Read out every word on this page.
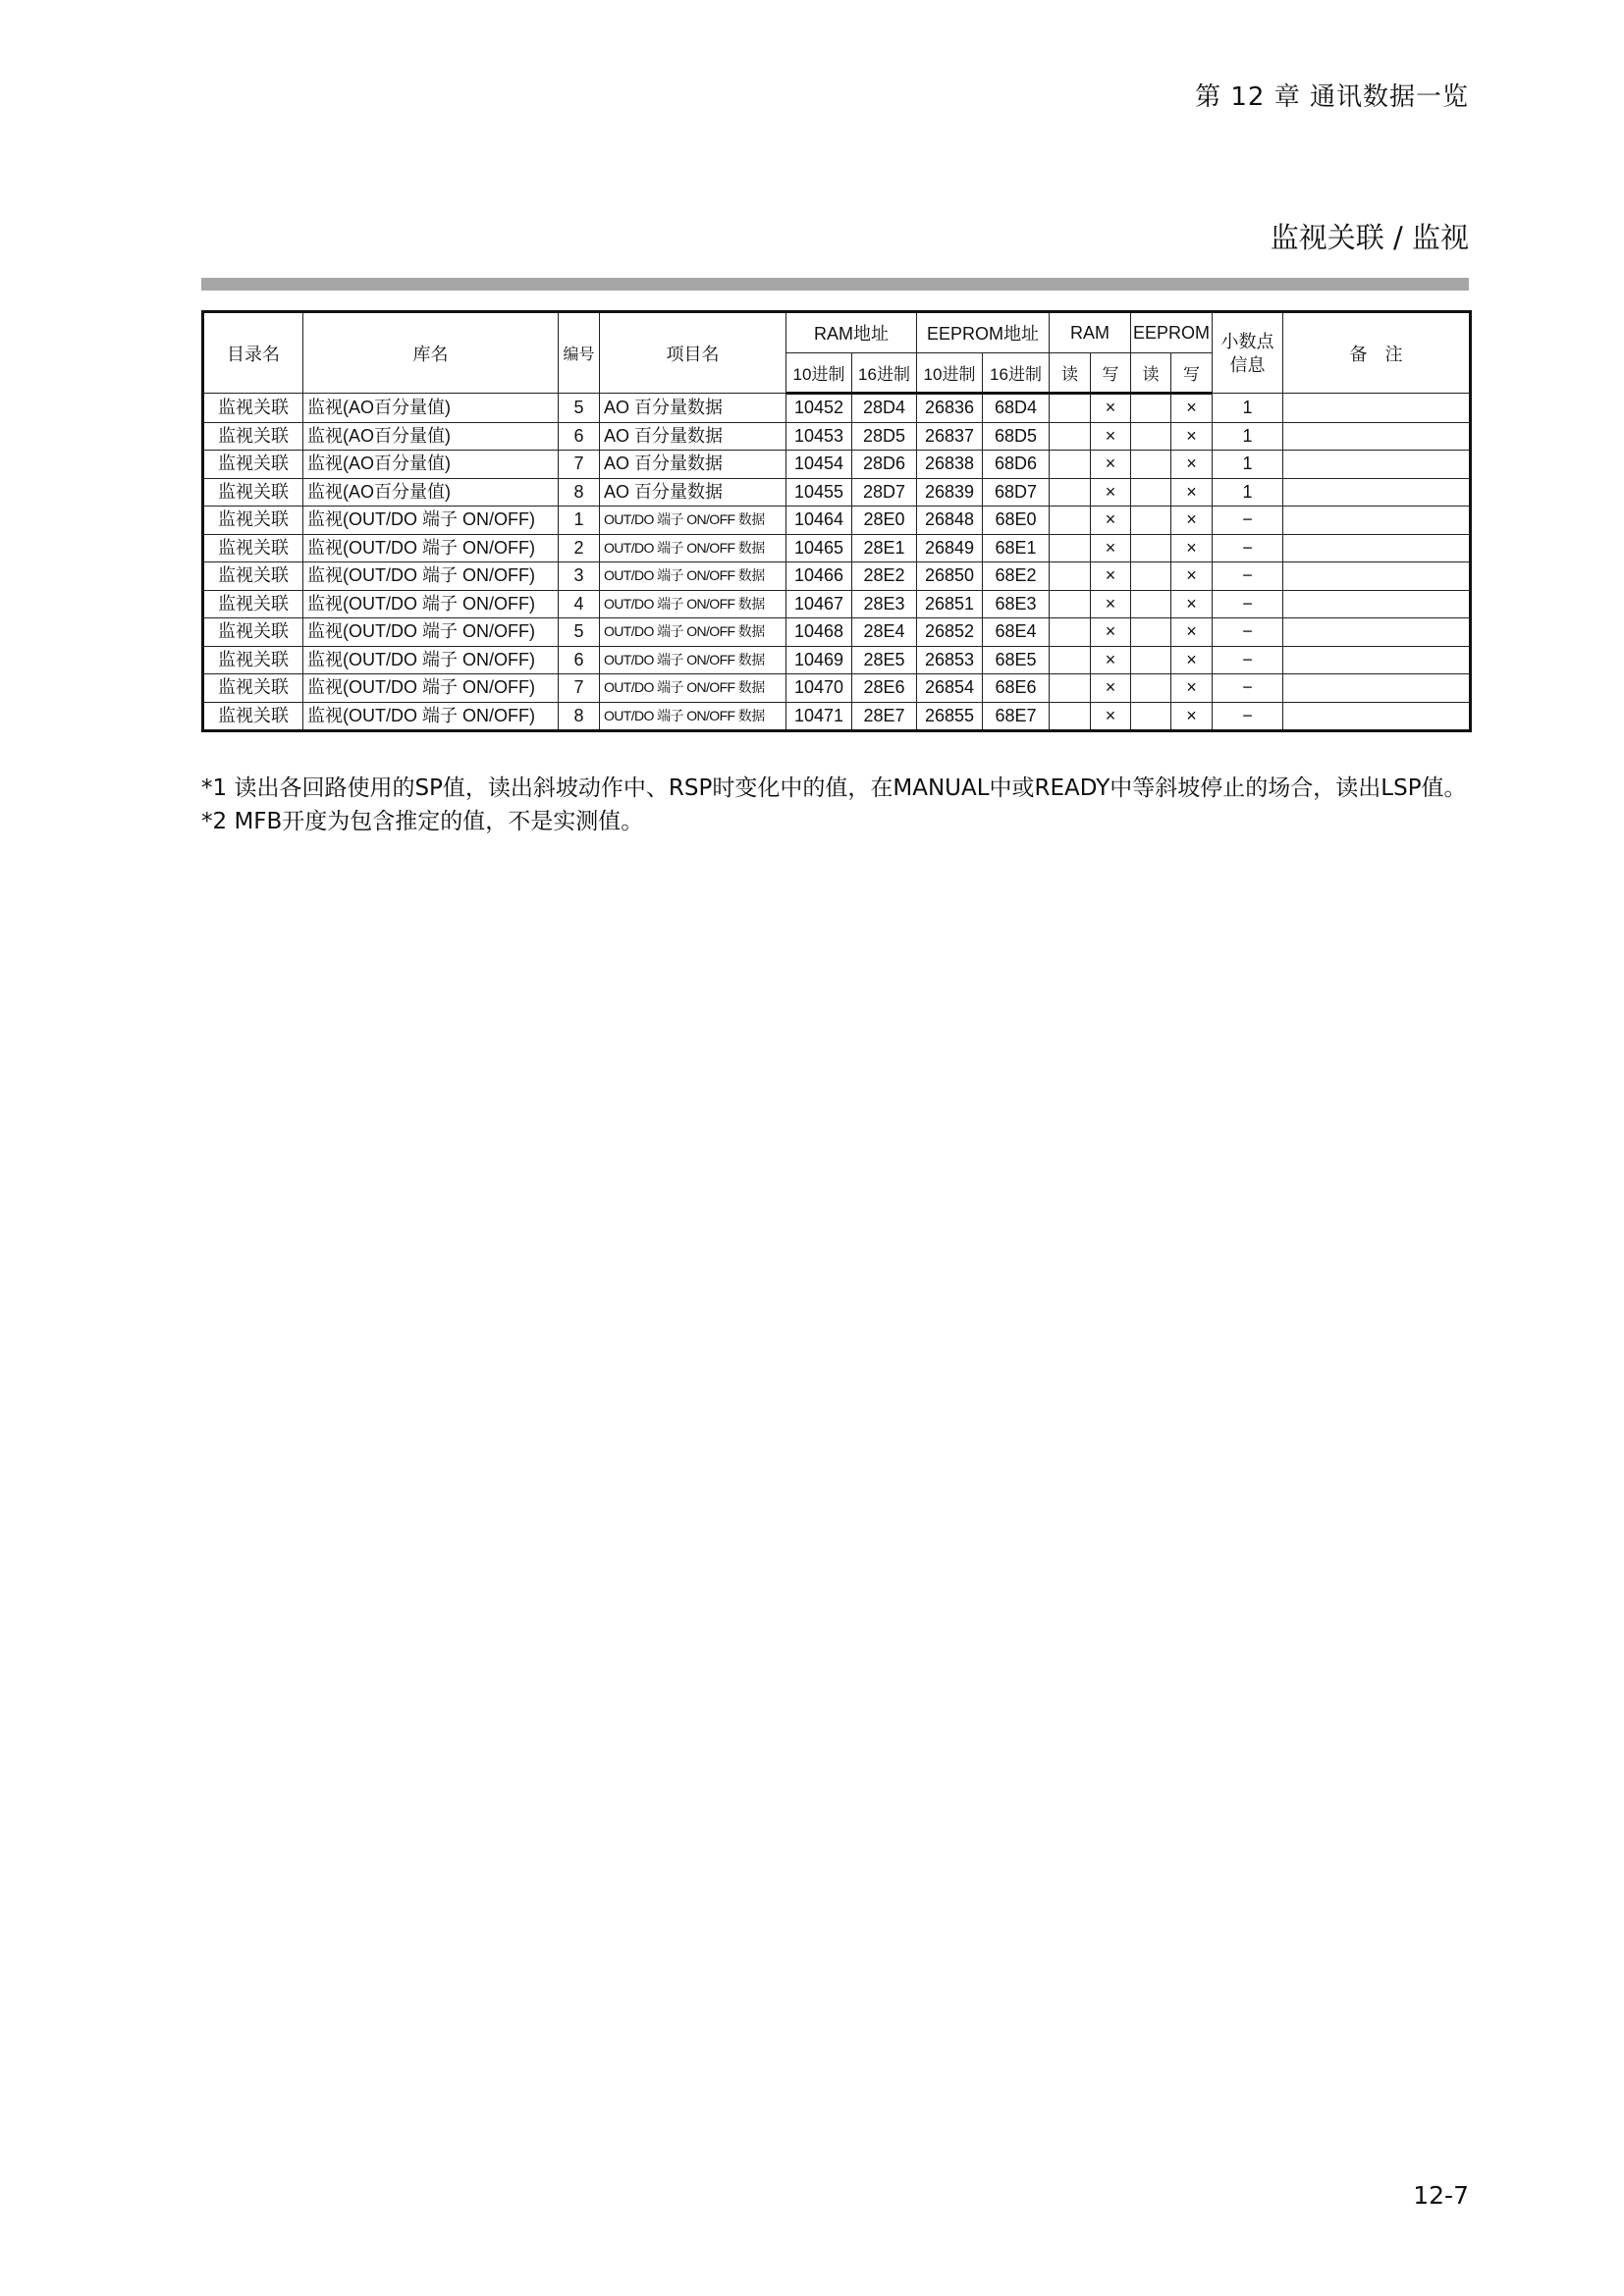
第 12 章 通讯数据一览

监视关联 / 监视

目录名	库名	编号	项目名	RAM地址		EEPROM地址		RAM		EEPROM		小数点信息	备　注
				10进制	16进制	10进制	16进制	读	写	读	写		
监视关联	监视(AO百分量值)	5	AO 百分量数据	10452	28D4	26836	68D4		×		×	1	
监视关联	监视(AO百分量值)	6	AO 百分量数据	10453	28D5	26837	68D5		×		×	1	
监视关联	监视(AO百分量值)	7	AO 百分量数据	10454	28D6	26838	68D6		×		×	1	
监视关联	监视(AO百分量值)	8	AO 百分量数据	10455	28D7	26839	68D7		×		×	1	
监视关联	监视(OUT/DO 端子 ON/OFF)	1	OUT/DO 端子 ON/OFF 数据	10464	28E0	26848	68E0		×		×	−	
监视关联	监视(OUT/DO 端子 ON/OFF)	2	OUT/DO 端子 ON/OFF 数据	10465	28E1	26849	68E1		×		×	−	
监视关联	监视(OUT/DO 端子 ON/OFF)	3	OUT/DO 端子 ON/OFF 数据	10466	28E2	26850	68E2		×		×	−	
监视关联	监视(OUT/DO 端子 ON/OFF)	4	OUT/DO 端子 ON/OFF 数据	10467	28E3	26851	68E3		×		×	−	
监视关联	监视(OUT/DO 端子 ON/OFF)	5	OUT/DO 端子 ON/OFF 数据	10468	28E4	26852	68E4		×		×	−	
监视关联	监视(OUT/DO 端子 ON/OFF)	6	OUT/DO 端子 ON/OFF 数据	10469	28E5	26853	68E5		×		×	−	
监视关联	监视(OUT/DO 端子 ON/OFF)	7	OUT/DO 端子 ON/OFF 数据	10470	28E6	26854	68E6		×		×	−	
监视关联	监视(OUT/DO 端子 ON/OFF)	8	OUT/DO 端子 ON/OFF 数据	10471	28E7	26855	68E7		×		×	−	

*1 读出各回路使用的SP值，读出斜坡动作中、RSP时变化中的值，在MANUAL中或READY中等斜坡停止的场合，读出LSP值。

*2 MFB开度为包含推定的值，不是实测值。

12-7
